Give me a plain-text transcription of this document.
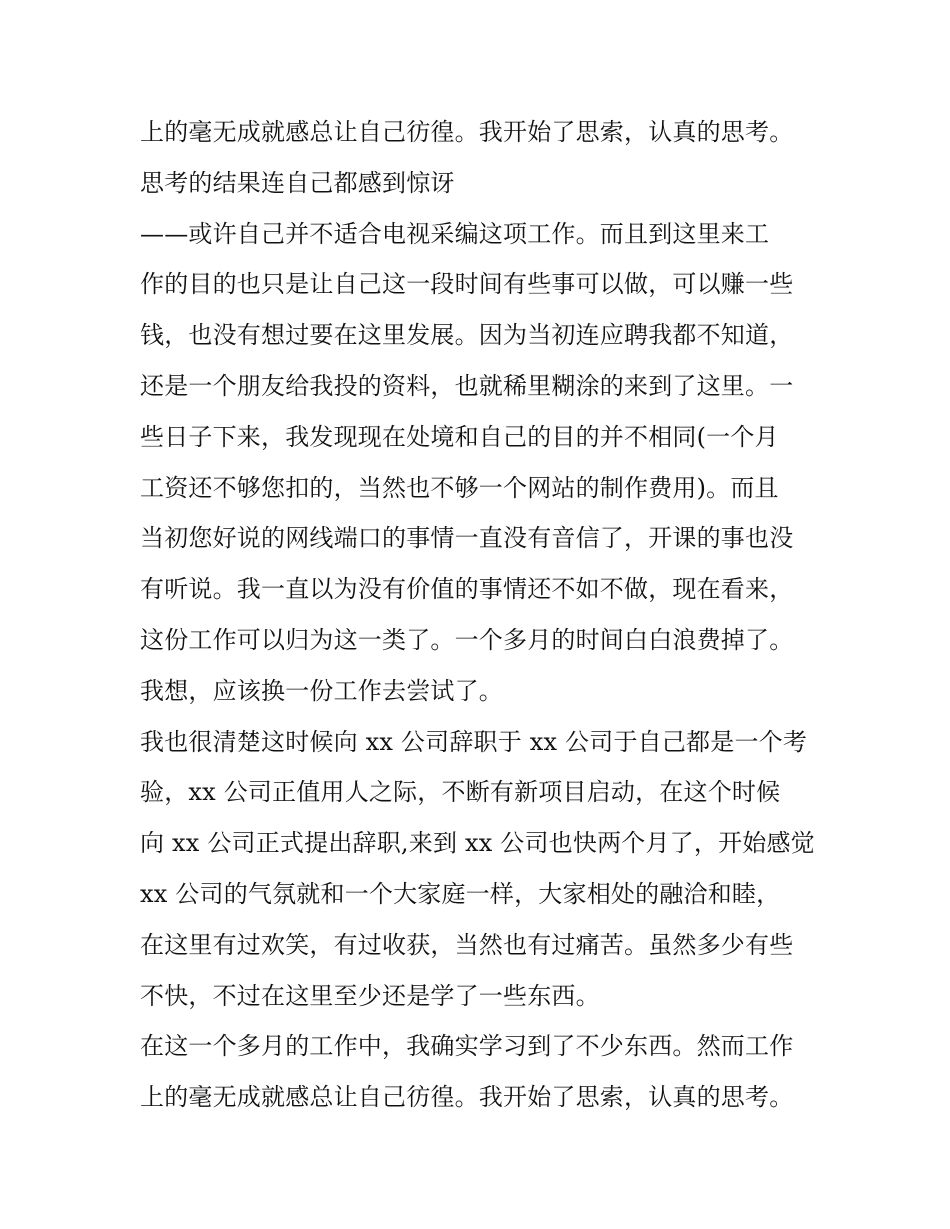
上的毫无成就感总让自己彷徨。我开始了思索，认真的思考。
思考的结果连自己都感到惊讶
——或许自己并不适合电视采编这项工作。而且到这里来工
作的目的也只是让自己这一段时间有些事可以做，可以赚一些
钱，也没有想过要在这里发展。因为当初连应聘我都不知道，
还是一个朋友给我投的资料，也就稀里糊涂的来到了这里。一
些日子下来，我发现现在处境和自己的目的并不相同(一个月
工资还不够您扣的，当然也不够一个网站的制作费用)。而且
当初您好说的网线端口的事情一直没有音信了，开课的事也没
有听说。我一直以为没有价值的事情还不如不做，现在看来，
这份工作可以归为这一类了。一个多月的时间白白浪费掉了。
我想，应该换一份工作去尝试了。
我也很清楚这时候向 xx 公司辞职于 xx 公司于自己都是一个考
验，xx 公司正值用人之际，不断有新项目启动，在这个时候
向 xx 公司正式提出辞职,来到 xx 公司也快两个月了，开始感觉
xx 公司的气氛就和一个大家庭一样，大家相处的融洽和睦，
在这里有过欢笑，有过收获，当然也有过痛苦。虽然多少有些
不快，不过在这里至少还是学了一些东西。
在这一个多月的工作中，我确实学习到了不少东西。然而工作
上的毫无成就感总让自己彷徨。我开始了思索，认真的思考。
